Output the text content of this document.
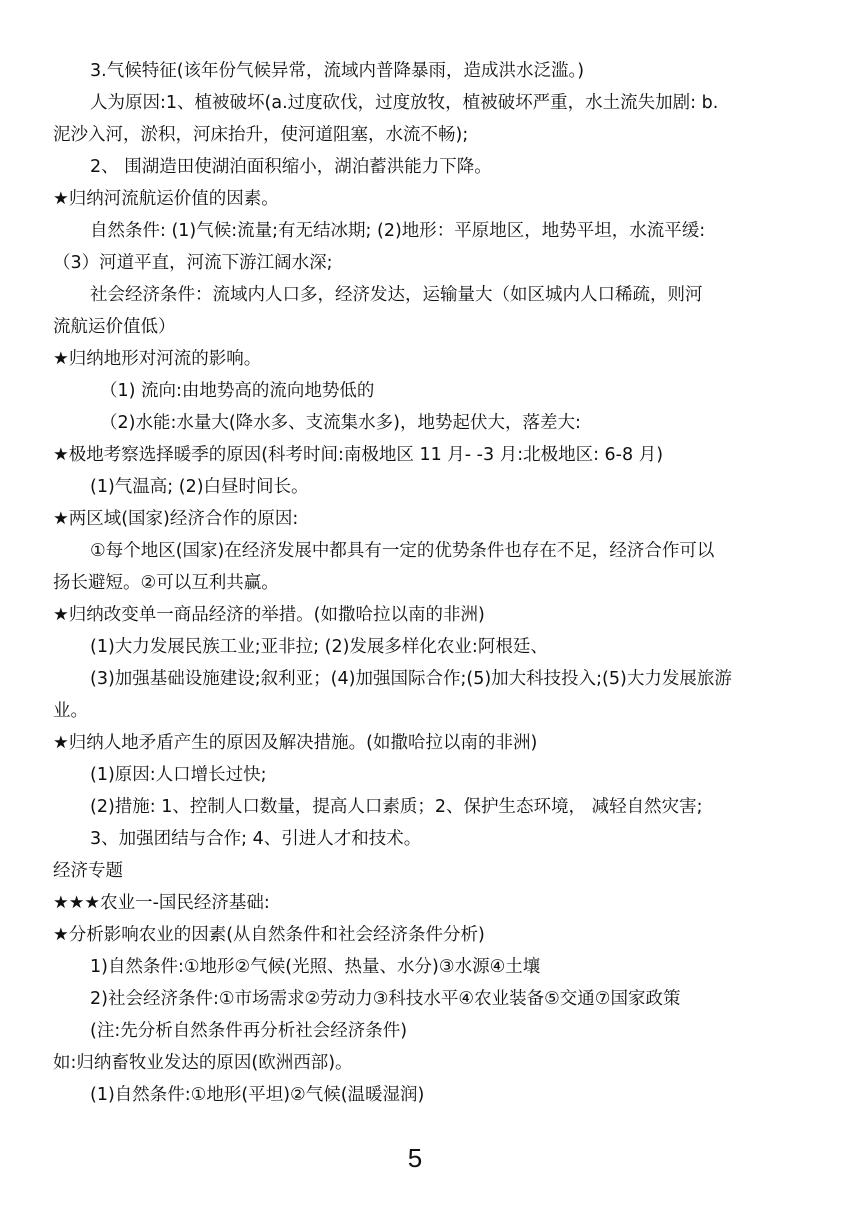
3.气候特征(该年份气候异常，流域内普降暴雨，造成洪水泛滥。)
人为原因:1、植被破坏(a.过度砍伐，过度放牧，植被破坏严重，水土流失加剧: b.
泥沙入河，淤积，河床抬升，使河道阻塞，水流不畅);
2、 围湖造田使湖泊面积缩小，湖泊蓄洪能力下降。
★归纳河流航运价值的因素。
自然条件: (1)气候:流量;有无结冰期; (2)地形：平原地区，地势平坦，水流平缓:
（3）河道平直，河流下游江阔水深;
社会经济条件：流域内人口多，经济发达，运输量大（如区城内人口稀疏，则河
流航运价值低）
★归纳地形对河流的影响。
（1) 流向:由地势高的流向地势低的
（2)水能:水量大(降水多、支流集水多)，地势起伏大，落差大:
★极地考察选择暖季的原因(科考时间:南极地区 11 月- -3 月:北极地区: 6-8 月)
(1)气温高; (2)白昼时间长。
★两区域(国家)经济合作的原因:
①每个地区(国家)在经济发展中都具有一定的优势条件也存在不足，经济合作可以
扬长避短。②可以互利共赢。
★归纳改变单一商品经济的举措。(如撒哈拉以南的非洲)
(1)大力发展民族工业;亚非拉; (2)发展多样化农业:阿根廷、
(3)加强基础设施建设;叙利亚；(4)加强国际合作;(5)加大科技投入;(5)大力发展旅游
业。
★归纳人地矛盾产生的原因及解决措施。(如撒哈拉以南的非洲)
(1)原因:人口增长过快;
(2)措施: 1、控制人口数量，提高人口素质；2、保护生态环境， 减轻自然灾害;
3、加强团结与合作; 4、引进人才和技术。
经济专题
★★★农业一-国民经济基础:
★分析影响农业的因素(从自然条件和社会经济条件分析)
1)自然条件:①地形②气候(光照、热量、水分)③水源④土壤
2)社会经济条件:①市场需求②劳动力③科技水平④农业装备⑤交通⑦国家政策
(注:先分析自然条件再分析社会经济条件)
如:归纳畜牧业发达的原因(欧洲西部)。
(1)自然条件:①地形(平坦)②气候(温暖湿润)
5
